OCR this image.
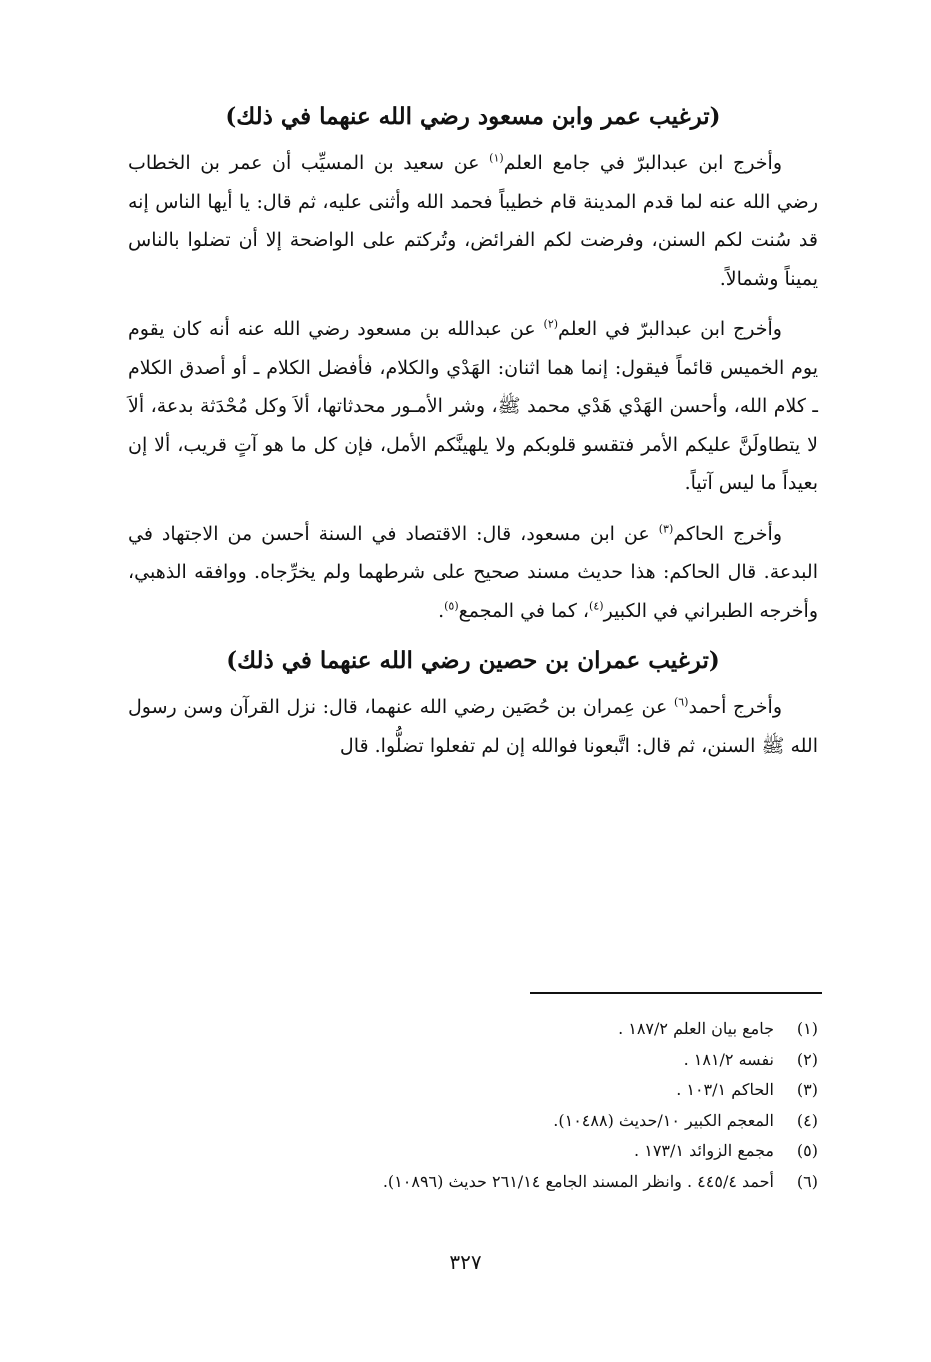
(ترغيب عمر وابن مسعود رضي الله عنهما في ذلك)

وأخرج ابن عبدالبرّ في جامع العلم$^{(١)}$ عن سعيد بن المسيِّب أن عمر بن الخطاب رضي الله عنه لما قدم المدينة قام خطيباً فحمد الله وأثنى عليه، ثم قال: يا أيها الناس إنه قد سُنت لكم السنن، وفرضت لكم الفرائض، وتُركتم على الواضحة إلا أن تضلوا بالناس يميناً وشمالاً.

وأخرج ابن عبدالبرّ في العلم$^{(٢)}$ عن عبدالله بن مسعود رضي الله عنه أنه كان يقوم يوم الخميس قائماً فيقول: إنما هما اثنان: الهَدْي والكلام، فأفضل الكلام ـ أو أصدق الكلام ـ كلام الله، وأحسن الهَدْي هَدْي محمد ﷺ، وشر الأمـور محدثاتها، ألاَ وكل مُحْدَثة بدعة، ألاَ لا يتطاولَنَّ عليكم الأمر فتقسو قلوبكم ولا يلهينَّكم الأمل، فإن كل ما هو آتٍ قريب، ألا إن بعيداً ما ليس آتياً.

وأخرج الحاكم$^{(٣)}$ عن ابن مسعود، قال: الاقتصاد في السنة أحسن من الاجتهاد في البدعة. قال الحاكم: هذا حديث مسند صحيح على شرطهما ولم يخرِّجاه. ووافقه الذهبي، وأخرجه الطبراني في الكبير$^{(٤)}$، كما في المجمع$^{(٥)}$.

(ترغيب عمران بن حصين رضي الله عنهما في ذلك)

وأخرج أحمد$^{(٦)}$ عن عِمران بن حُصَين رضي الله عنهما، قال: نزل القرآن وسن رسول الله ﷺ السنن، ثم قال: اتَّبعونا فوالله إن لم تفعلوا تضلُّوا. قال

(١)
جامع بيان العلم ١٨٧/٢ .
(٢)
نفسه ١٨١/٢ .
(٣)
الحاكم ١٠٣/١ .
(٤)
المعجم الكبير ١٠/حديث (١٠٤٨٨).
(٥)
مجمع الزوائد ١٧٣/١ .
(٦)
أحمد ٤٤٥/٤ . وانظر المسند الجامع ٢٦١/١٤ حديث (١٠٨٩٦).
٣٢٧
